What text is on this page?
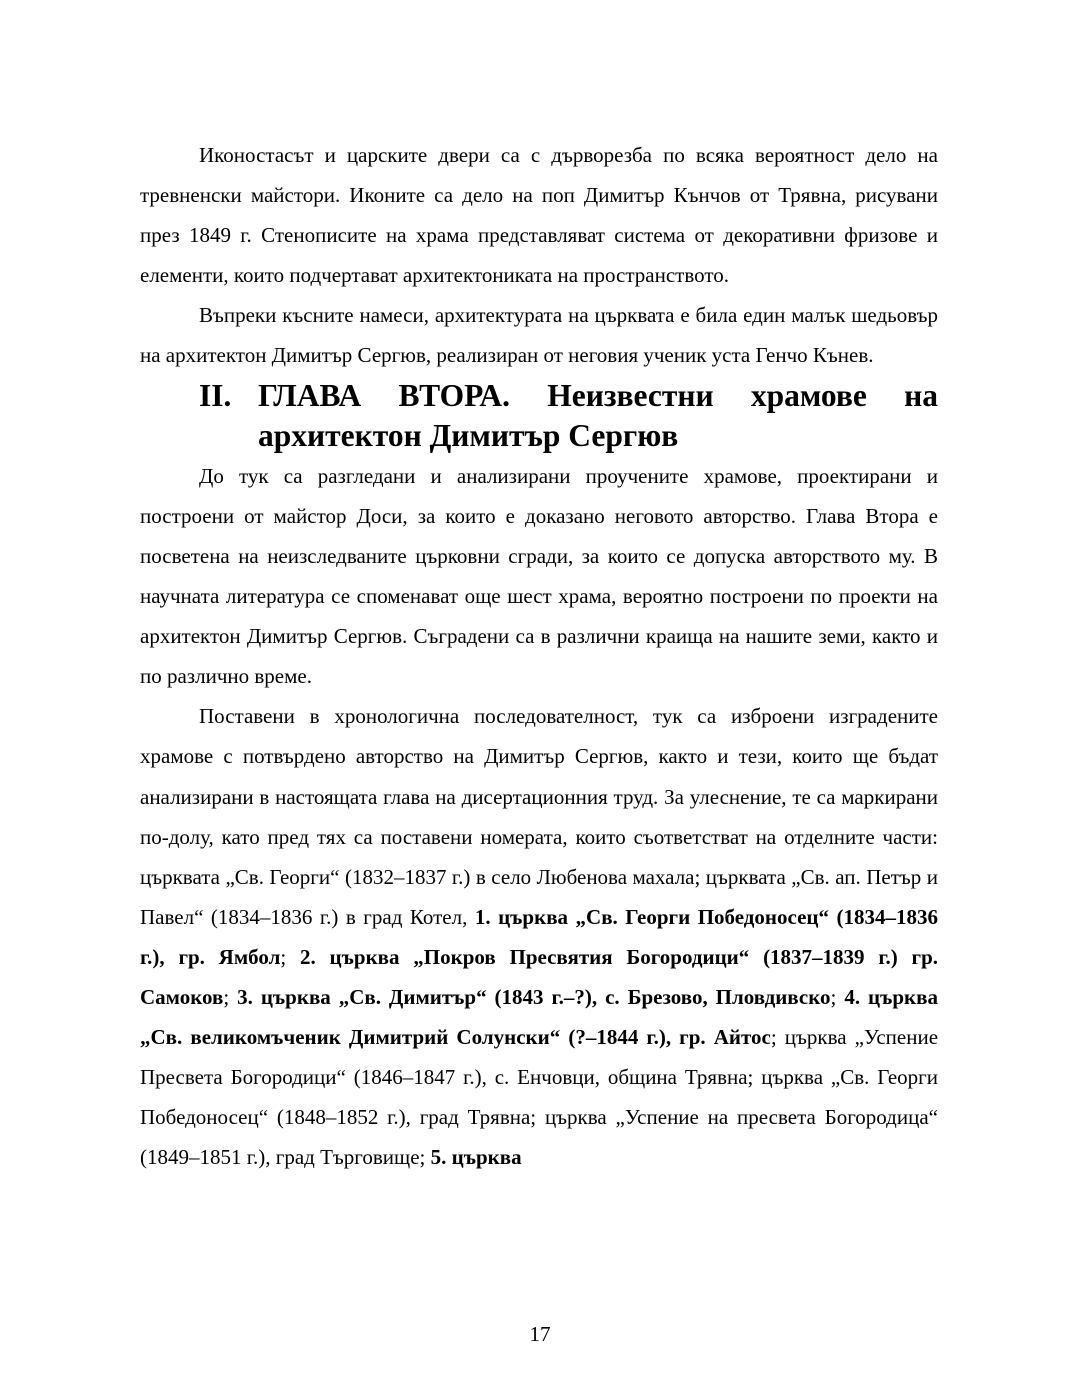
Иконостасът и царските двери са с дърворезба по всяка вероятност дело на тревненски майстори. Иконите са дело на поп Димитър Кънчов от Трявна, рисувани през 1849 г. Стенописите на храма представляват система от декоративни фризове и елементи, които подчертават архитектониката на пространството.

Въпреки късните намеси, архитектурата на църквата е била един малък шедьовър на архитектон Димитър Сергюв, реализиран от неговия ученик уста Генчо Кънев.

II. ГЛАВА ВТОРА. Неизвестни храмове на архитектон Димитър Сергюв

До тук са разгледани и анализирани проучените храмове, проектирани и построени от майстор Доси, за които е доказано неговото авторство. Глава Втора е посветена на неизследваните църковни сгради, за които се допуска авторството му. В научната литература се споменават още шест храма, вероятно построени по проекти на архитектон Димитър Сергюв. Съградени са в различни краища на нашите земи, както и по различно време.

Поставени в хронологична последователност, тук са изброени изградените храмове с потвърдено авторство на Димитър Сергюв, както и тези, които ще бъдат анализирани в настоящата глава на дисертационния труд. За улеснение, те са маркирани по-долу, като пред тях са поставени номерата, които съответстват на отделните части: църквата „Св. Георги“ (1832–1837 г.) в село Любенова махала; църквата „Св. ап. Петър и Павел“ (1834–1836 г.) в град Котел, 1. църква „Св. Георги Победоносец“ (1834–1836 г.), гр. Ямбол; 2. църква „Покров Пресвятия Богородици“ (1837–1839 г.) гр. Самоков; 3. църква „Св. Димитър“ (1843 г.–?), с. Брезово, Пловдивско; 4. църква „Св. великомъченик Димитрий Солунски“ (?–1844 г.), гр. Айтос; църква „Успение Пресвета Богородици“ (1846–1847 г.), с. Енчовци, община Трявна; църква „Св. Георги Победоносец“ (1848–1852 г.), град Трявна; църква „Успение на пресвета Богородица“ (1849–1851 г.), град Търговище; 5. църква

17
